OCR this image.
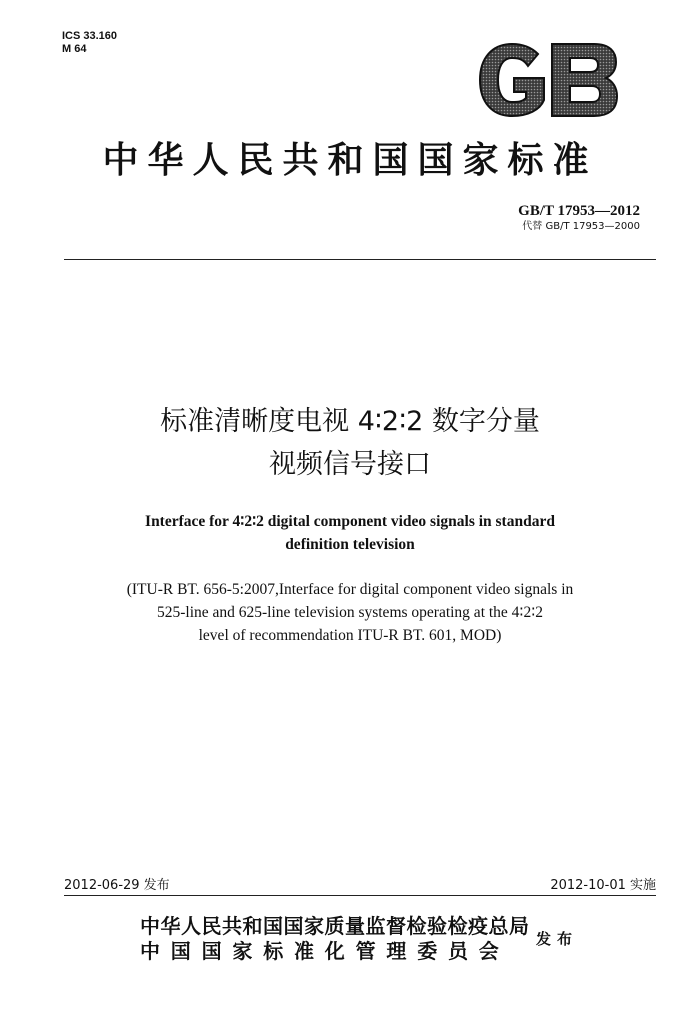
ICS 33.160
M 64
中华人民共和国国家标准
GB/T 17953—2012
代替 GB/T 17953—2000
标准清晰度电视 4∶2∶2 数字分量
视频信号接口
Interface for 4∶2∶2 digital component video signals in standard
definition television
(ITU-R BT. 656-5:2007,Interface for digital component video signals in
525-line and 625-line television systems operating at the 4∶2∶2
level of recommendation ITU-R BT. 601, MOD)
2012-06-29 发布	2012-10-01 实施
中华人民共和国国家质量监督检验检疫总局
中国国家标准化管理委员会	发布
